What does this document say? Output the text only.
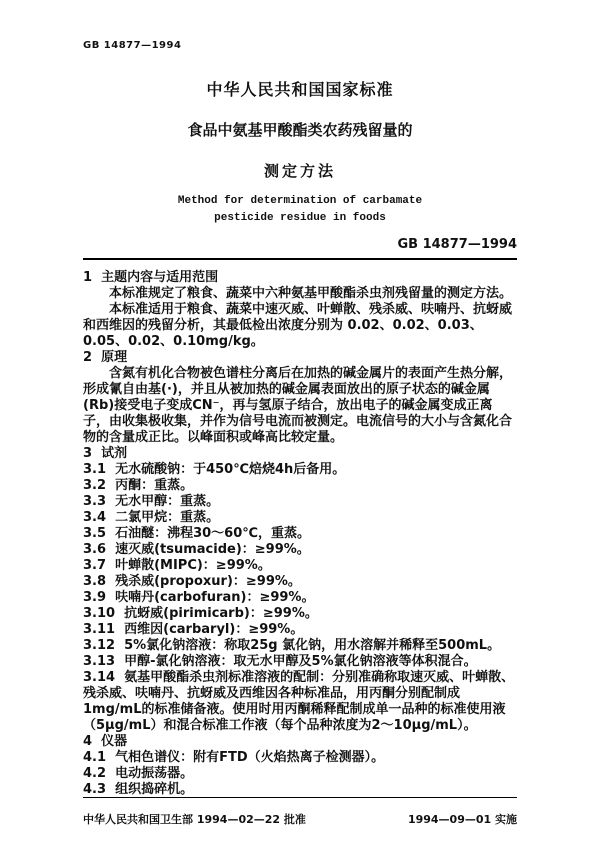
GB 14877—1994
中华人民共和国国家标准
食品中氨基甲酸酯类农药残留量的
测定方法
Method for determination of carbamate
pesticide residue in foods
GB 14877—1994
1  主题内容与适用范围
本标准规定了粮食、蔬菜中六种氨基甲酸酯杀虫剂残留量的测定方法。
本标准适用于粮食、蔬菜中速灭威、叶蝉散、残杀威、呋喃丹、抗蚜威和西维因的残留分析，其最低检出浓度分别为 0.02、0.02、0.03、0.05、0.02、0.10mg/kg。
2  原理
含氮有机化合物被色谱柱分离后在加热的碱金属片的表面产生热分解，形成氰自由基(·)，并且从被加热的碱金属表面放出的原子状态的碱金属(Rb)接受电子变成CN⁻，再与氢原子结合，放出电子的碱金属变成正离子，由收集极收集，并作为信号电流而被测定。电流信号的大小与含氮化合物的含量成正比。以峰面积或峰高比较定量。
3  试剂
3.1  无水硫酸钠：于450℃焙烧4h后备用。
3.2  丙酮：重蒸。
3.3  无水甲醇：重蒸。
3.4  二氯甲烷：重蒸。
3.5  石油醚：沸程30～60℃，重蒸。
3.6  速灭威(tsumacide)：≥99%。
3.7  叶蝉散(MIPC)：≥99%。
3.8  残杀威(propoxur)：≥99%。
3.9  呋喃丹(carbofuran)：≥99%。
3.10  抗蚜威(pirimicarb)：≥99%。
3.11  西维因(carbaryl)：≥99%。
3.12  5%氯化钠溶液：称取25g 氯化钠，用水溶解并稀释至500mL。
3.13  甲醇-氯化钠溶液：取无水甲醇及5%氯化钠溶液等体积混合。
3.14  氨基甲酸酯杀虫剂标准溶液的配制：分别准确称取速灭威、叶蝉散、残杀威、呋喃丹、抗蚜威及西维因各种标准品，用丙酮分别配制成1mg/mL的标准储备液。使用时用丙酮稀释配制成单一品种的标准使用液（5μg/mL）和混合标准工作液（每个品种浓度为2～10μg/mL）。
4  仪器
4.1  气相色谱仪：附有FTD（火焰热离子检测器）。
4.2  电动振荡器。
4.3  组织捣碎机。
中华人民共和国卫生部 1994—02—22 批准	1994—09—01 实施
